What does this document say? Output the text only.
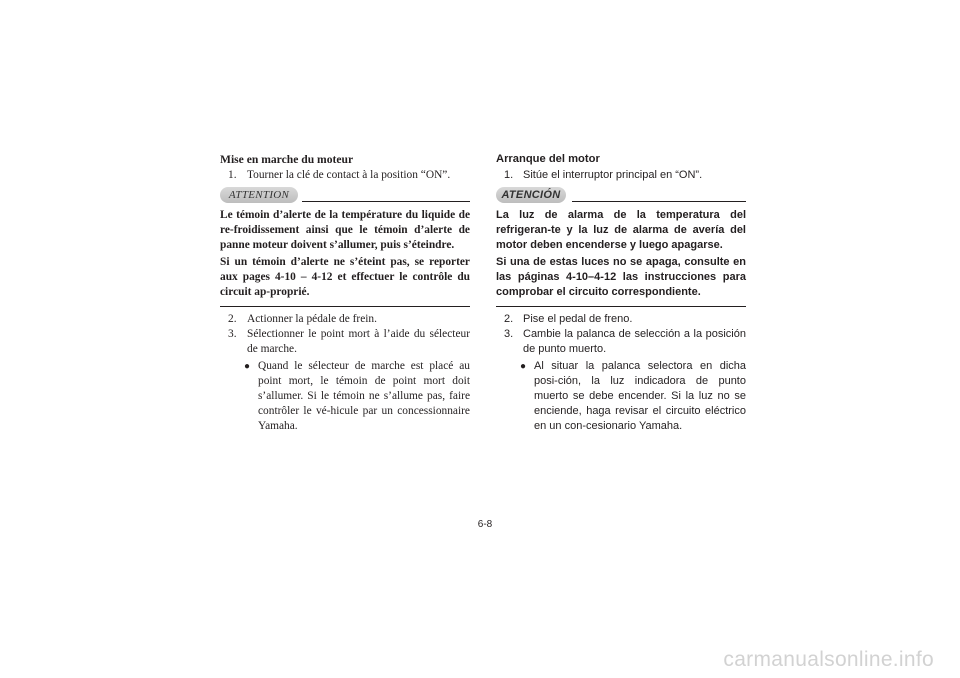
Mise en marche du moteur

1. Tourner la clé de contact à la position “ON”.

ATTENTION

Le témoin d’alerte de la température du liquide de re-froidissement ainsi que le témoin d’alerte de panne moteur doivent s’allumer, puis s’éteindre.

Si un témoin d’alerte ne s’éteint pas, se reporter aux pages 4-10 – 4-12 et effectuer le contrôle du circuit ap-proprié.

2. Actionner la pédale de frein.

3. Sélectionner le point mort à l’aide du sélecteur de marche.

● Quand le sélecteur de marche est placé au point mort, le témoin de point mort doit s’allumer. Si le témoin ne s’allume pas, faire contrôler le vé-hicule par un concessionnaire Yamaha.

Arranque del motor

1. Sitúe el interruptor principal en “ON”.

ATENCIÓN

La luz de alarma de la temperatura del refrigeran-te y la luz de alarma de avería del motor deben encenderse y luego apagarse.

Si una de estas luces no se apaga, consulte en las páginas 4-10–4-12 las instrucciones para comprobar el circuito correspondiente.

2. Pise el pedal de freno.

3. Cambie la palanca de selección a la posición de punto muerto.

● Al situar la palanca selectora en dicha posi-ción, la luz indicadora de punto muerto se debe encender. Si la luz no se enciende, haga revisar el circuito eléctrico en un con-cesionario Yamaha.

6-8
carmanualsonline.info
